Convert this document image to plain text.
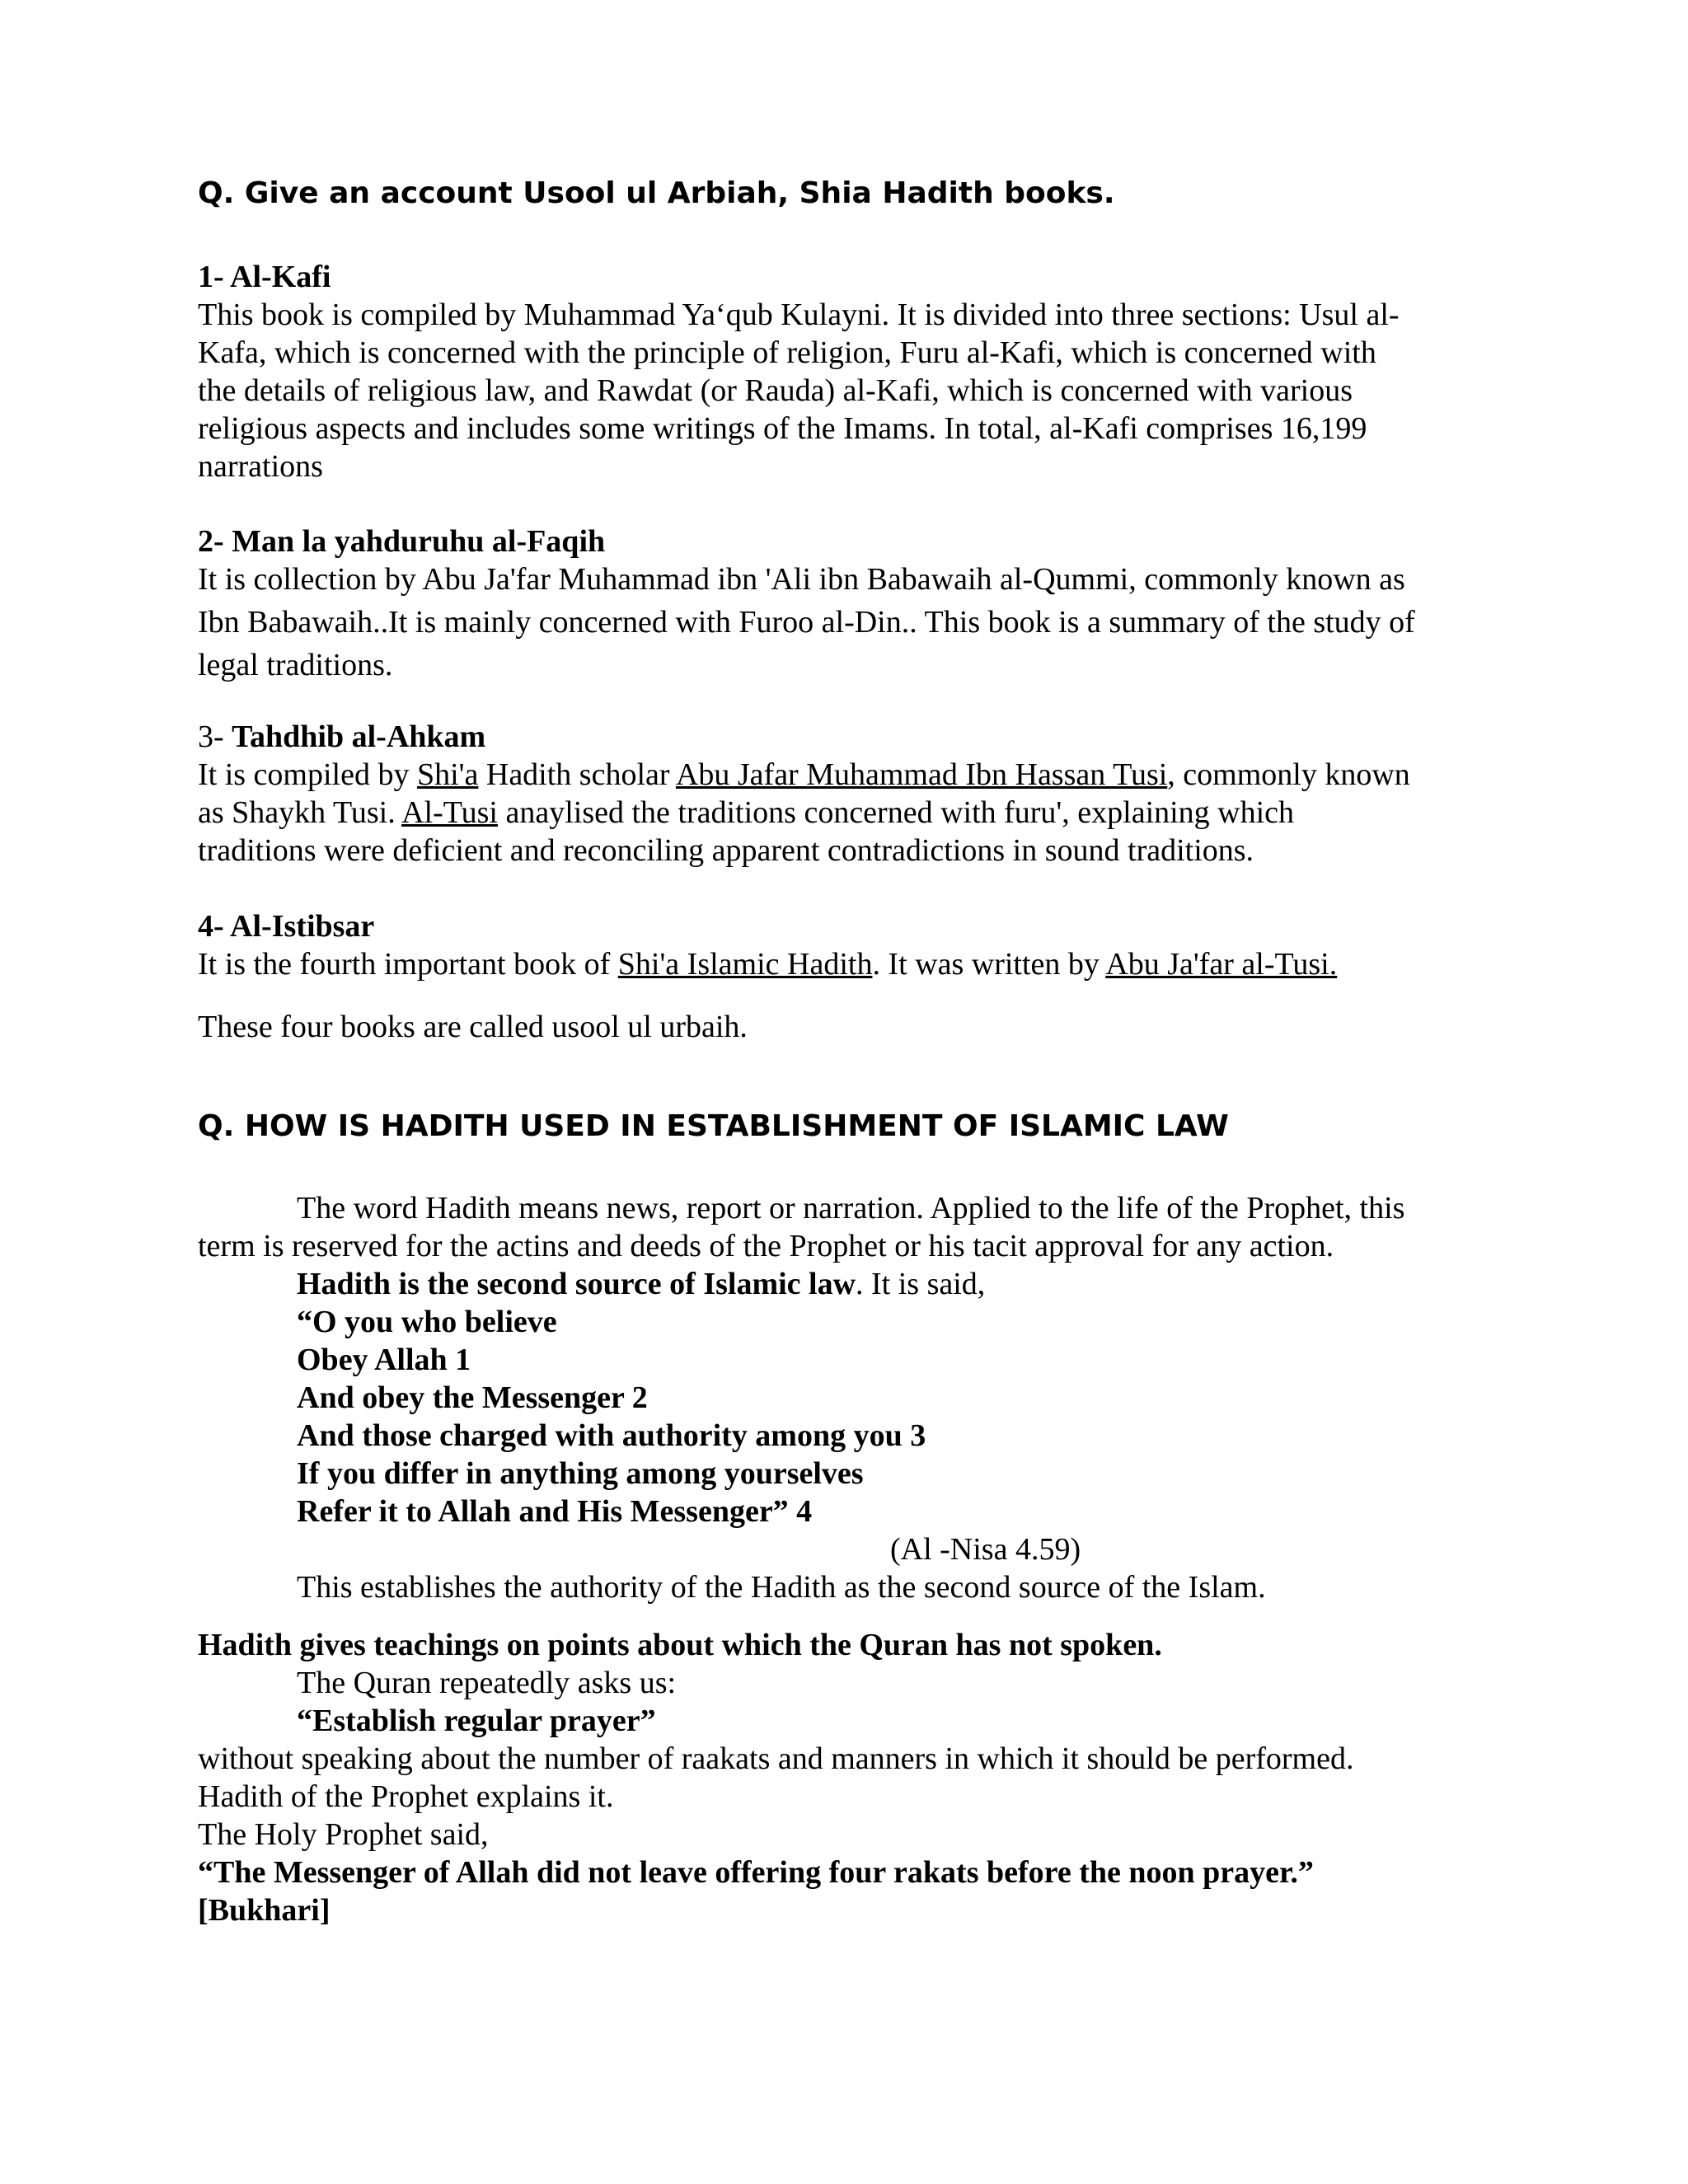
Q. Give an account Usool ul Arbiah, Shia Hadith books.
1- Al-Kafi
This book is compiled by Muhammad Ya‘qub Kulayni. It is divided into three sections: Usul al-
Kafa, which is concerned with the principle of religion, Furu al-Kafi, which is concerned with
the details of religious law, and Rawdat (or Rauda) al-Kafi, which is concerned with various
religious aspects and includes some writings of the Imams. In total, al-Kafi comprises 16,199
narrations
2- Man la yahduruhu al-Faqih
It is collection by Abu Ja'far Muhammad ibn 'Ali ibn Babawaih al-Qummi, commonly known as
Ibn Babawaih..It is mainly concerned with Furoo al-Din.. This book is a summary of the study of
legal traditions.
3- Tahdhib al-Ahkam
It is compiled by Shi'a Hadith scholar Abu Jafar Muhammad Ibn Hassan Tusi, commonly known
as Shaykh Tusi. Al-Tusi anaylised the traditions concerned with furu', explaining which
traditions were deficient and reconciling apparent contradictions in sound traditions.
4- Al-Istibsar
It is the fourth important book of Shi'a Islamic Hadith. It was written by Abu Ja'far al-Tusi.
These four books are called usool ul urbaih.
Q. HOW IS HADITH USED IN ESTABLISHMENT OF ISLAMIC LAW
The word Hadith means news, report or narration. Applied to the life of the Prophet, this
term is reserved for the actins and deeds of the Prophet or his tacit approval for any action.
Hadith is the second source of Islamic law. It is said,
“O you who believe
Obey Allah 1
And obey the Messenger 2
And those charged with authority among you 3
If you differ in anything among yourselves
Refer it to Allah and His Messenger” 4
(Al -Nisa 4.59)
This establishes the authority of the Hadith as the second source of the Islam.
Hadith gives teachings on points about which the Quran has not spoken.
The Quran repeatedly asks us:
“Establish regular prayer”
without speaking about the number of raakats and manners in which it should be performed.
Hadith of the Prophet explains it.
The Holy Prophet said,
“The Messenger of Allah did not leave offering four rakats before the noon prayer.”
[Bukhari]
